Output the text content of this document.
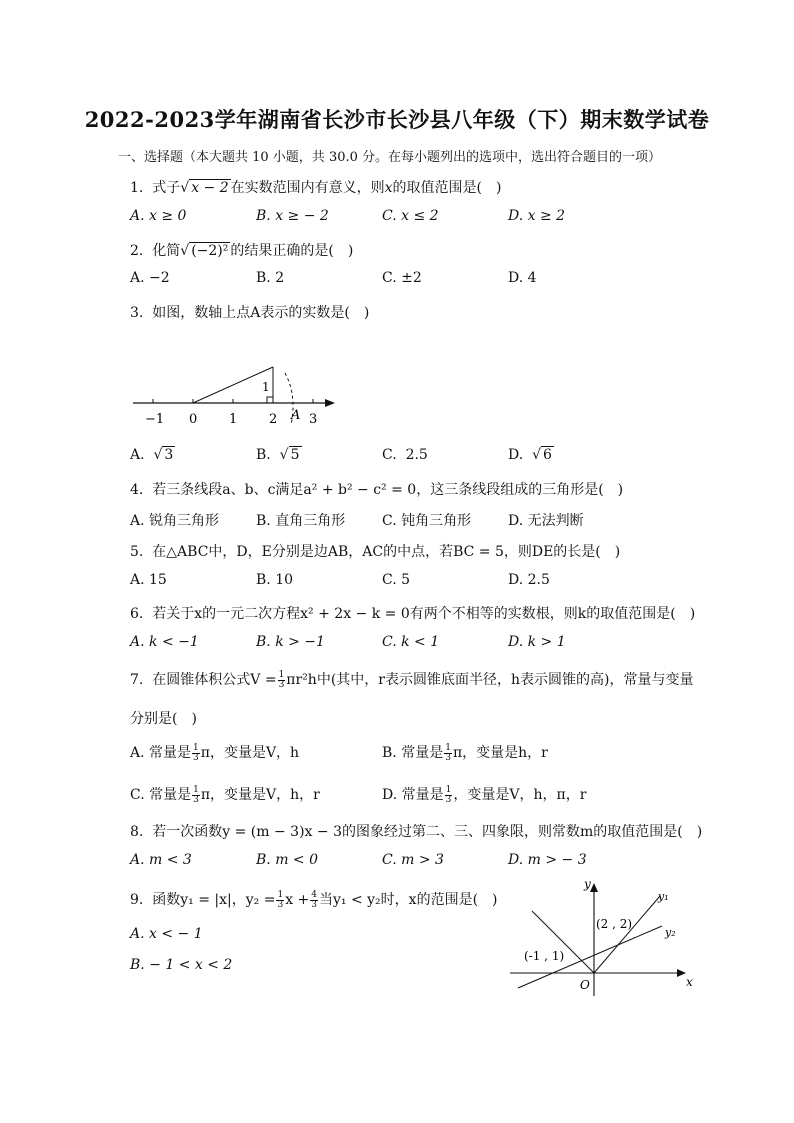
2022-2023学年湖南省长沙市长沙县八年级（下）期末数学试卷
一、选择题（本大题共 10 小题，共 30.0 分。在每小题列出的选项中，选出符合题目的一项）
1. 式子√ x − 2 在实数范围内有意义，则x的取值范围是(　)
A. x ≥ 0	B. x ≥ − 2	C. x ≤ 2	D. x ≥ 2
2. 化简√ (−2)² 的结果正确的是(　)
A. −2	B. 2	C. ±2	D. 4
3. 如图，数轴上点A表示的实数是(　)
−1 0 1 2 3
A
1
A.  √ 3	B.  √ 5	C. 2.5	D.  √ 6
4. 若三条线段a、b、c满足a² + b² − c² = 0，这三条线段组成的三角形是(　)
A. 锐角三角形	B. 直角三角形	C. 钝角三角形	D. 无法判断
5. 在△ABC中，D，E分别是边AB，AC的中点，若BC = 5，则DE的长是(　)
A. 15	B. 10	C. 5	D. 2.5
6. 若关于x的一元二次方程x² + 2x − k = 0有两个不相等的实数根，则k的取值范围是(　)
A. k < −1	B. k > −1	C. k < 1	D. k > 1
7. 在圆锥体积公式$V = \frac{1}{3} \pi r^2h$中(其中，r表示圆锥底面半径，h表示圆锥的高)，常量与变量
分别是(　)
A. 常量是 $\frac{1}{3}$ π，变量是V，h	B. 常量是 $\frac{1}{3}$ π，变量是h，r
C. 常量是 $\frac{1}{3}$ π，变量是V，h，r	D. 常量是 $\frac{1}{3}$ ，变量是V，h，π，r
8. 若一次函数y = (m − 3)x − 3的图象经过第二、三、四象限，则常数m的取值范围是(　)
A. m < 3	B. m < 0	C. m > 3	D. m > − 3
9. 函数y₁ = |x|，$y_2 = \frac{1}{3}$ $x + \frac{4}{3}$ 当y₁ < y₂时，x的范围是(　)
A. x < − 1
B. − 1 < x < 2
y
x
O
y₁
y₂
(2 , 2)
(-1 , 1)
